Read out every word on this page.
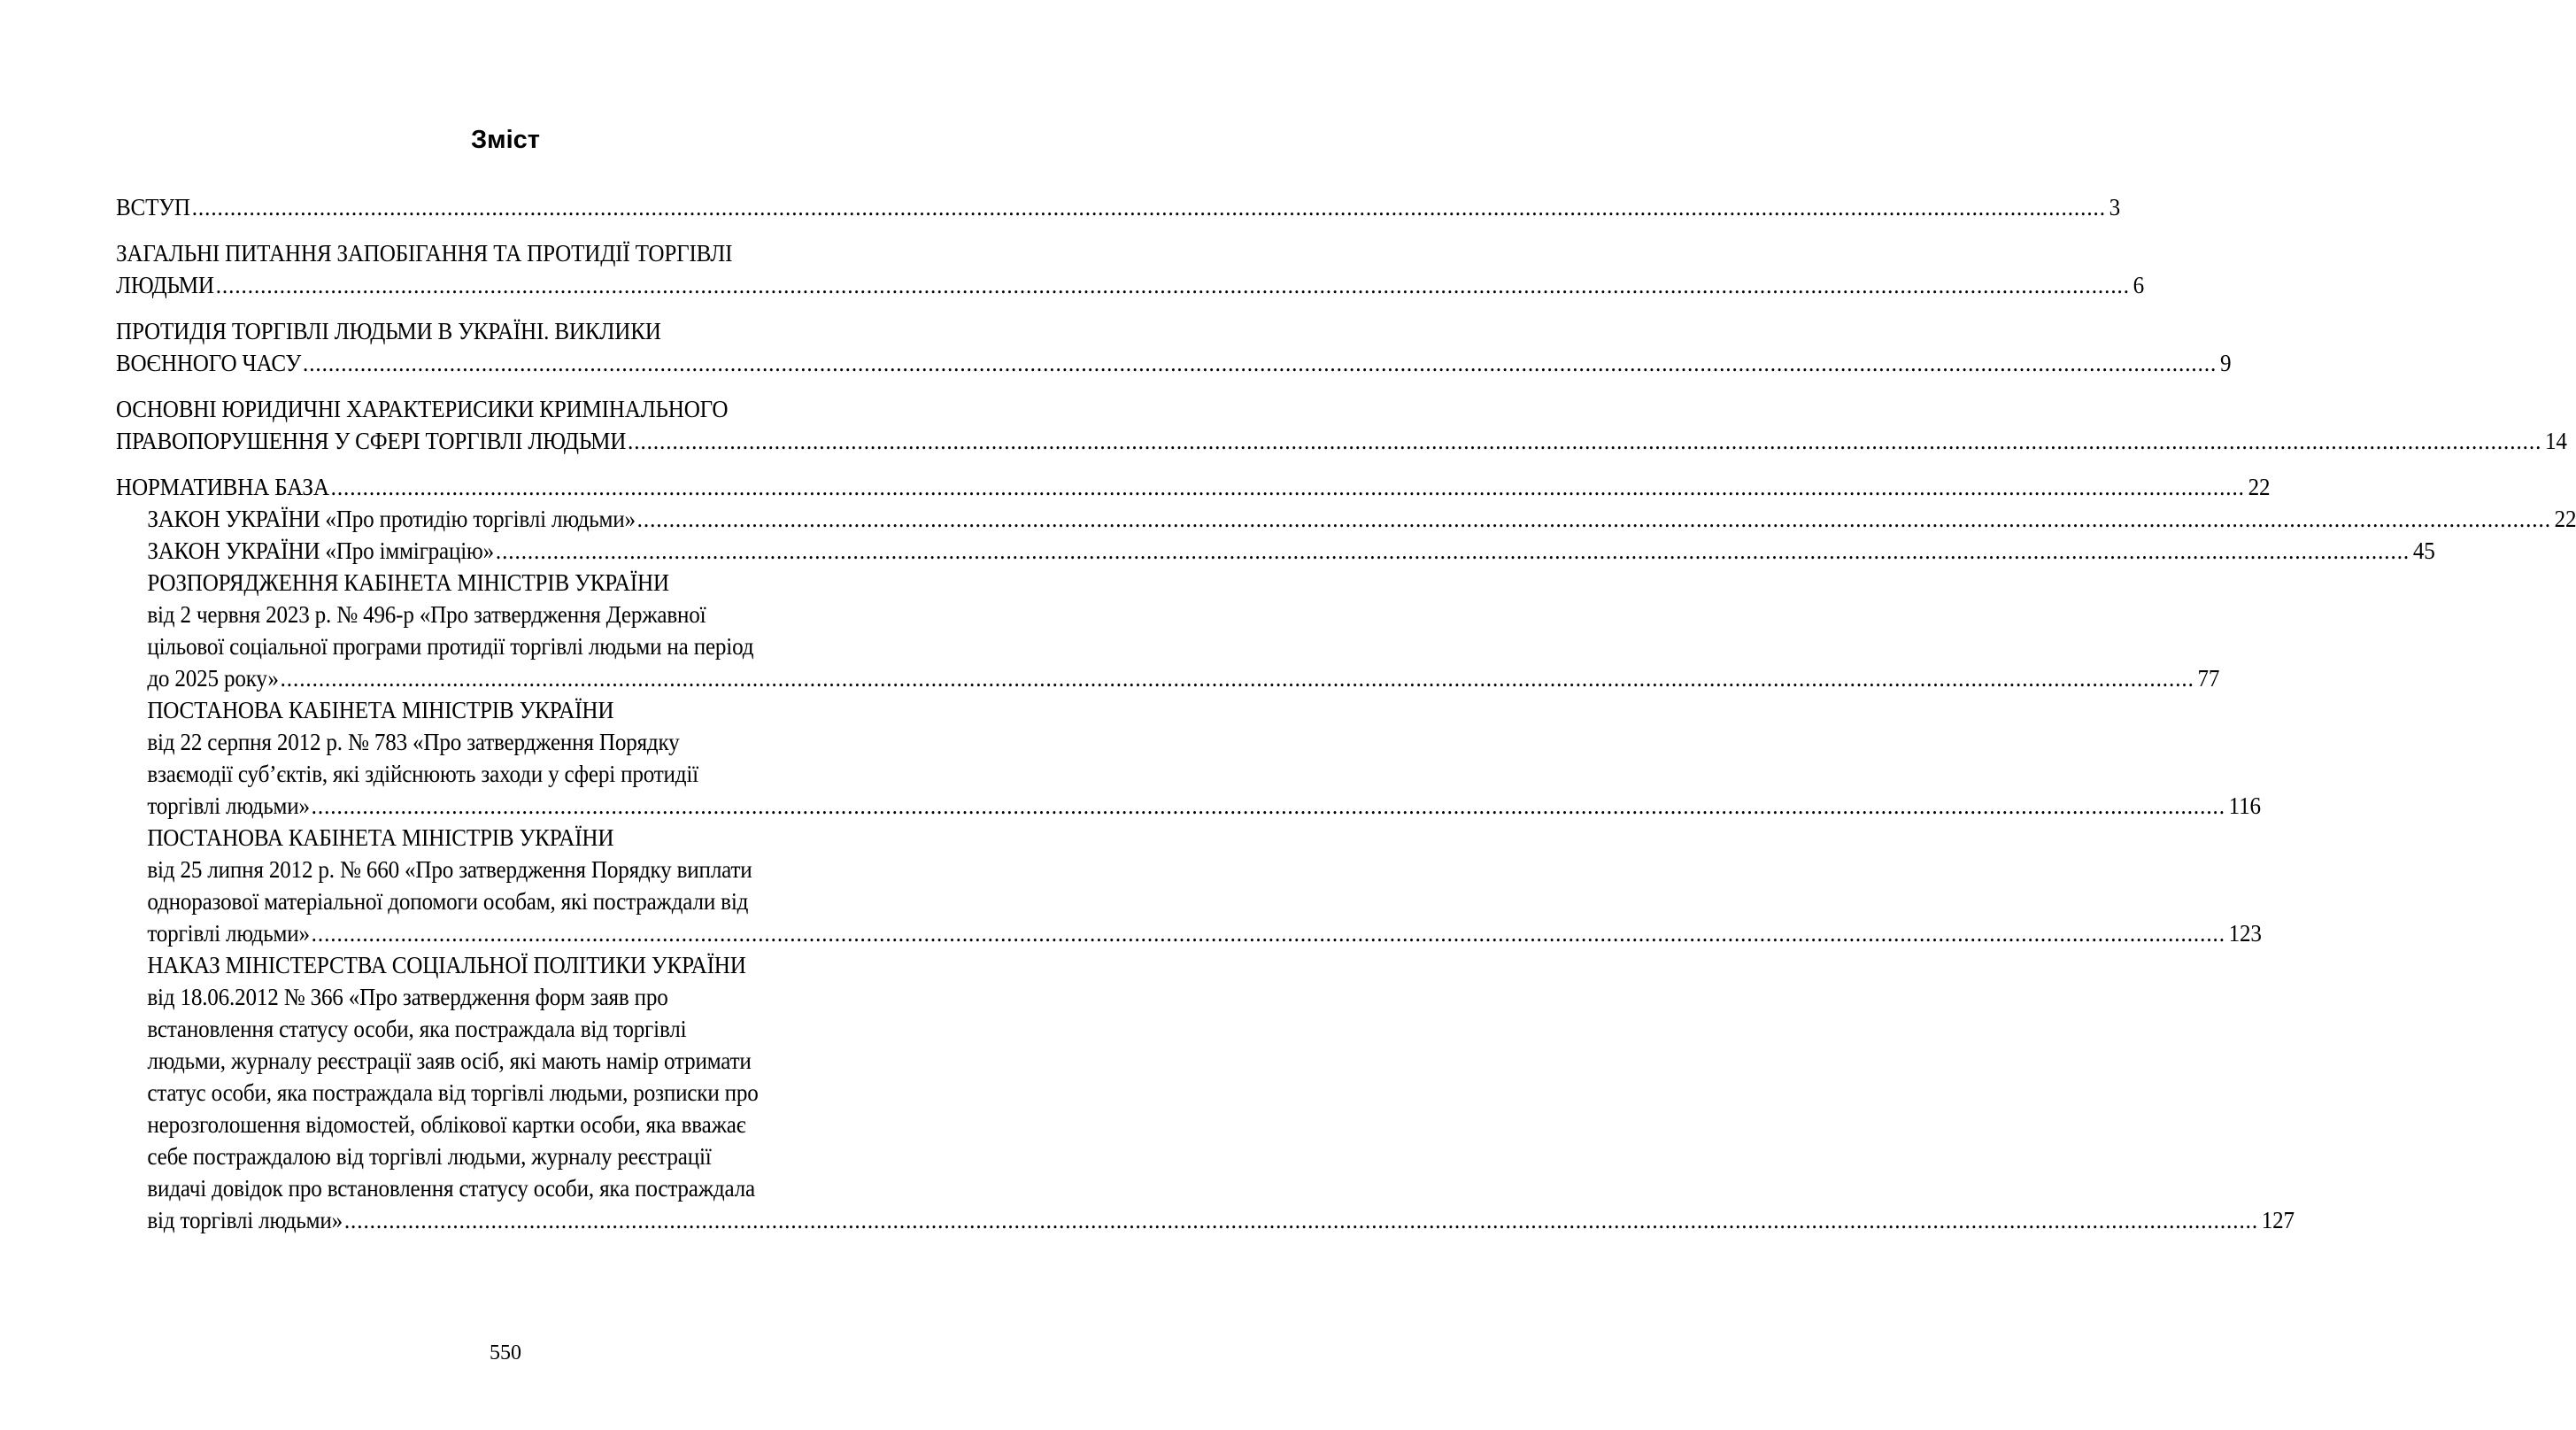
Зміст
ВСТУП ............................................................................................................................................................................................................................................................................................................ 3
ЗАГАЛЬНІ ПИТАННЯ ЗАПОБІГАННЯ ТА ПРОТИДІЇ ТОРГІВЛІ
ЛЮДЬМИ ............................................................................................................................................................................................................................................................................................................ 6
ПРОТИДІЯ ТОРГІВЛІ ЛЮДЬМИ В УКРАЇНІ. ВИКЛИКИ
ВОЄННОГО ЧАСУ ............................................................................................................................................................................................................................................................................................................ 9
ОСНОВНІ ЮРИДИЧНІ ХАРАКТЕРИСИКИ КРИМІНАЛЬНОГО
ПРАВОПОРУШЕННЯ У СФЕРІ ТОРГІВЛІ ЛЮДЬМИ ............................................................................................................................................................................................................................................................................................................ 14
НОРМАТИВНА БАЗА ............................................................................................................................................................................................................................................................................................................ 22
ЗАКОН УКРАЇНИ «Про протидію торгівлі людьми» ............................................................................................................................................................................................................................................................................................................ 22
ЗАКОН УКРАЇНИ «Про імміграцію» ............................................................................................................................................................................................................................................................................................................ 45
РОЗПОРЯДЖЕННЯ КАБІНЕТА МІНІСТРІВ УКРАЇНИ
від 2 червня 2023 р. № 496-р «Про затвердження Державної
цільової соціальної програми протидії торгівлі людьми на період
до 2025 року» ............................................................................................................................................................................................................................................................................................................ 77
ПОСТАНОВА КАБІНЕТА МІНІСТРІВ УКРАЇНИ
від 22 серпня 2012 р. № 783 «Про затвердження Порядку
взаємодії суб’єктів, які здійснюють заходи у сфері протидії
торгівлі людьми» ............................................................................................................................................................................................................................................................................................................ 116
ПОСТАНОВА КАБІНЕТА МІНІСТРІВ УКРАЇНИ
від 25 липня 2012 р. № 660 «Про затвердження Порядку виплати
одноразової матеріальної допомоги особам, які постраждали від
торгівлі людьми» ............................................................................................................................................................................................................................................................................................................ 123
НАКАЗ МІНІСТЕРСТВА СОЦІАЛЬНОЇ ПОЛІТИКИ УКРАЇНИ
від 18.06.2012 № 366 «Про затвердження форм заяв про
встановлення статусу особи, яка постраждала від торгівлі
людьми, журналу реєстрації заяв осіб, які мають намір отримати
статус особи, яка постраждала від торгівлі людьми, розписки про
нерозголошення відомостей, облікової картки особи, яка вважає
себе постраждалою від торгівлі людьми, журналу реєстрації
видачі довідок про встановлення статусу особи, яка постраждала
від торгівлі людьми» ............................................................................................................................................................................................................................................................................................................ 127
550
